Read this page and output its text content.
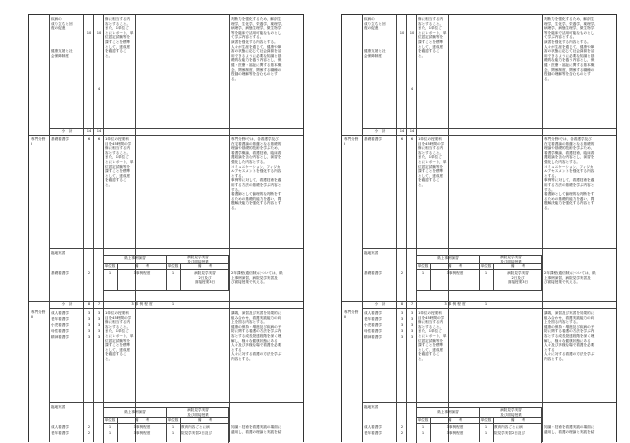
疾病の
成り立ちと回
復の促進

健康支援と社
会保障制度
10	10
4
修に相当する内
容とすること。
また，1単位ご
とにレポート，単
位認定試験等を
課すことを標準
として，達成度
を確認するこ
と。
判断力を強化するため，解剖生
理学，生化学，栄養学，薬理学，
病理学，病態生理学，微生物学
等を臨床で活用可能なものとし
て学ぶ内容とする。
演習を強化する内容とする。
人々が生涯を通じて，健康や障
害の状態に応じて社会資源を活
用できるように必要な知識と基
礎的な能力を養う内容とし，保
健・医療・福祉に関する基本概
念，関係制度，関係する職種の
役割の理解等を含むものとす
る。
小　計	14	14
専門分野
Ⅰ
基礎看護学	6	6	1単位の授業科
目を45時間の学
修に相当する内
容とすること。
また，1単位ご
とにレポート，単
位認定試験等を
課すことを標準
として，達成度
を確認するこ
と。
専門分野Ⅰでは，各看護学及び
在宅看護論の基盤となる基礎的
理論や基礎的技術を学ぶため，
看護学概論，看護技術，臨床看
護総論を含む内容とし，演習を
強化した内容とする。
コミュニケーション，フィジカ
ルアセスメントを強化する内容
とする。
事例等に対して，看護技術を適
用する方法の基礎を学ぶ内容と
する。
看護師として倫理的な判断をす
るための基礎的能力を養い，問
題解決能力を強化する内容とす
る。
臨地実習
紙上事例演習	病院見学実習
及び面接授業
単位数	備　　考	単位数	備　　考
基礎看護学	2	1	3事例程度	1	病院見学実習
2日及び
面接授業3日
2年課程(通信制)については，紙
上事例演習，病院見学実習及
び面接授業で代える。
小　計	8	7	3 事 例 程 度	1
専門分野
Ⅱ
成人看護学	3	3
老年看護学	3	3
小児看護学	3	3
母性看護学	3	3
精神看護学	3	3
1単位の授業科
目を45時間の学
修に相当する内
容とすること。
また，1単位ご
とにレポート，単
位認定試験等を
課すことを標準
として，達成度
を確認するこ
と。
講義，演習及び実習を効果的に
組み合わせ，看護実践能力の向
上を図る内容とする。
健康の保持・増進及び疾病の予
防に関する看護の方法を学ぶ内
容とする成長発達段階を深く理
解し，様々な健康状態にある
人々及び多様な場で看護を必要
とする
人々に対する看護の方法を学ぶ
内容とする。
臨地実習
紙上事例演習	病院見学実習
及び面接授業
単位数	備　　考	単位数	備　　考
成人看護学	2	1	3事例程度	1	教育内容ごとに病
老年看護学	2	1	3事例程度	1	院見学実習2日及び
知識・技術を看護実践の場面に
適用し，看護の理論と実践を結
疾病の
成り立ちと回
復の促進

健康支援と社
会保障制度
10	10
4
修に相当する内
容とすること。
また，1単位ご
とにレポート，単
位認定試験等を
課すことを標準
として，達成度
を確認するこ
と。
判断力を強化するため，解剖生
理学，生化学，栄養学，薬理学，
病理学，病態生理学，微生物学
等を臨床で活用可能なものとし
て学ぶ内容とする。
演習を強化する内容とする。
人々が生涯を通じて，健康や障
害の状態に応じて社会資源を活
用できるように必要な知識と基
礎的な能力を養う内容とし，保
健・医療・福祉に関する基本概
念，関係制度，関係する職種の
役割の理解等を含むものとす
る。
小　計	14	14
専門分野
Ⅰ
基礎看護学	6	6	1単位の授業科
目を45時間の学
修に相当する内
容とすること。
また，1単位ご
とにレポート，単
位認定試験等を
課すことを標準
として，達成度
を確認するこ
と。
専門分野Ⅰでは，各看護学及び
在宅看護論の基盤となる基礎的
理論や基礎的技術を学ぶため，
看護学概論，看護技術，臨床看
護総論を含む内容とし，演習を
強化した内容とする。
コミュニケーション，フィジカ
ルアセスメントを強化する内容
とする。
事例等に対して，看護技術を適
用する方法の基礎を学ぶ内容と
する。
看護師として倫理的な判断をす
るための基礎的能力を養い，問
題解決能力を強化する内容とす
る。
臨地実習
紙上事例演習	病院見学実習
及び面接授業
単位数	備　　考	単位数	備　　考
基礎看護学	2	1	3事例程度	1	病院見学実習
2日及び
面接授業3日
2年課程(通信制)については，紙
上事例演習，病院見学実習及
び面接授業で代える。
小　計	8	7	3 事 例 程 度	1
専門分野
Ⅱ
成人看護学	3	3
老年看護学	3	3
小児看護学	3	3
母性看護学	3	3
精神看護学	3	3
1単位の授業科
目を45時間の学
修に相当する内
容とすること。
また，1単位ご
とにレポート，単
位認定試験等を
課すことを標準
として，達成度
を確認するこ
と。
講義，演習及び実習を効果的に
組み合わせ，看護実践能力の向
上を図る内容とする。
健康の保持・増進及び疾病の予
防に関する看護の方法を学ぶ内
容とする成長発達段階を深く理
解し，様々な健康状態にある
人々及び多様な場で看護を必要
とする
人々に対する看護の方法を学ぶ
内容とする。
臨地実習
紙上事例演習	病院見学実習
及び面接授業
単位数	備　　考	単位数	備　　考
成人看護学	2	1	3事例程度	1	教育内容ごとに病
老年看護学	2	1	3事例程度	1	院見学実習2日及び
知識・技術を看護実践の場面に
適用し，看護の理論と実践を結
